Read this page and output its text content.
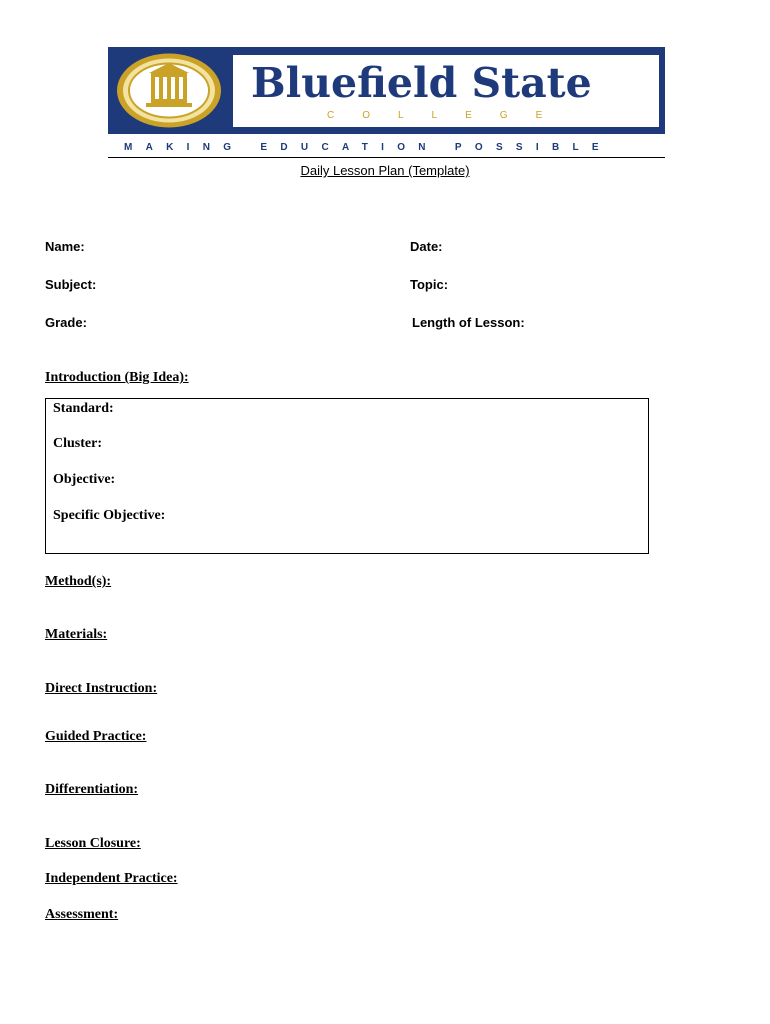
Bluefield State
COLLEGE
MAKING EDUCATION POSSIBLE
Daily Lesson Plan (Template)
Name:	Date:
Subject:	Topic:
Grade:	Length of Lesson:
Introduction (Big Idea):
Standard:
Cluster:
Objective:
Specific Objective:
Method(s):
Materials:
Direct Instruction:
Guided Practice:
Differentiation:
Lesson Closure:
Independent Practice:
Assessment:
